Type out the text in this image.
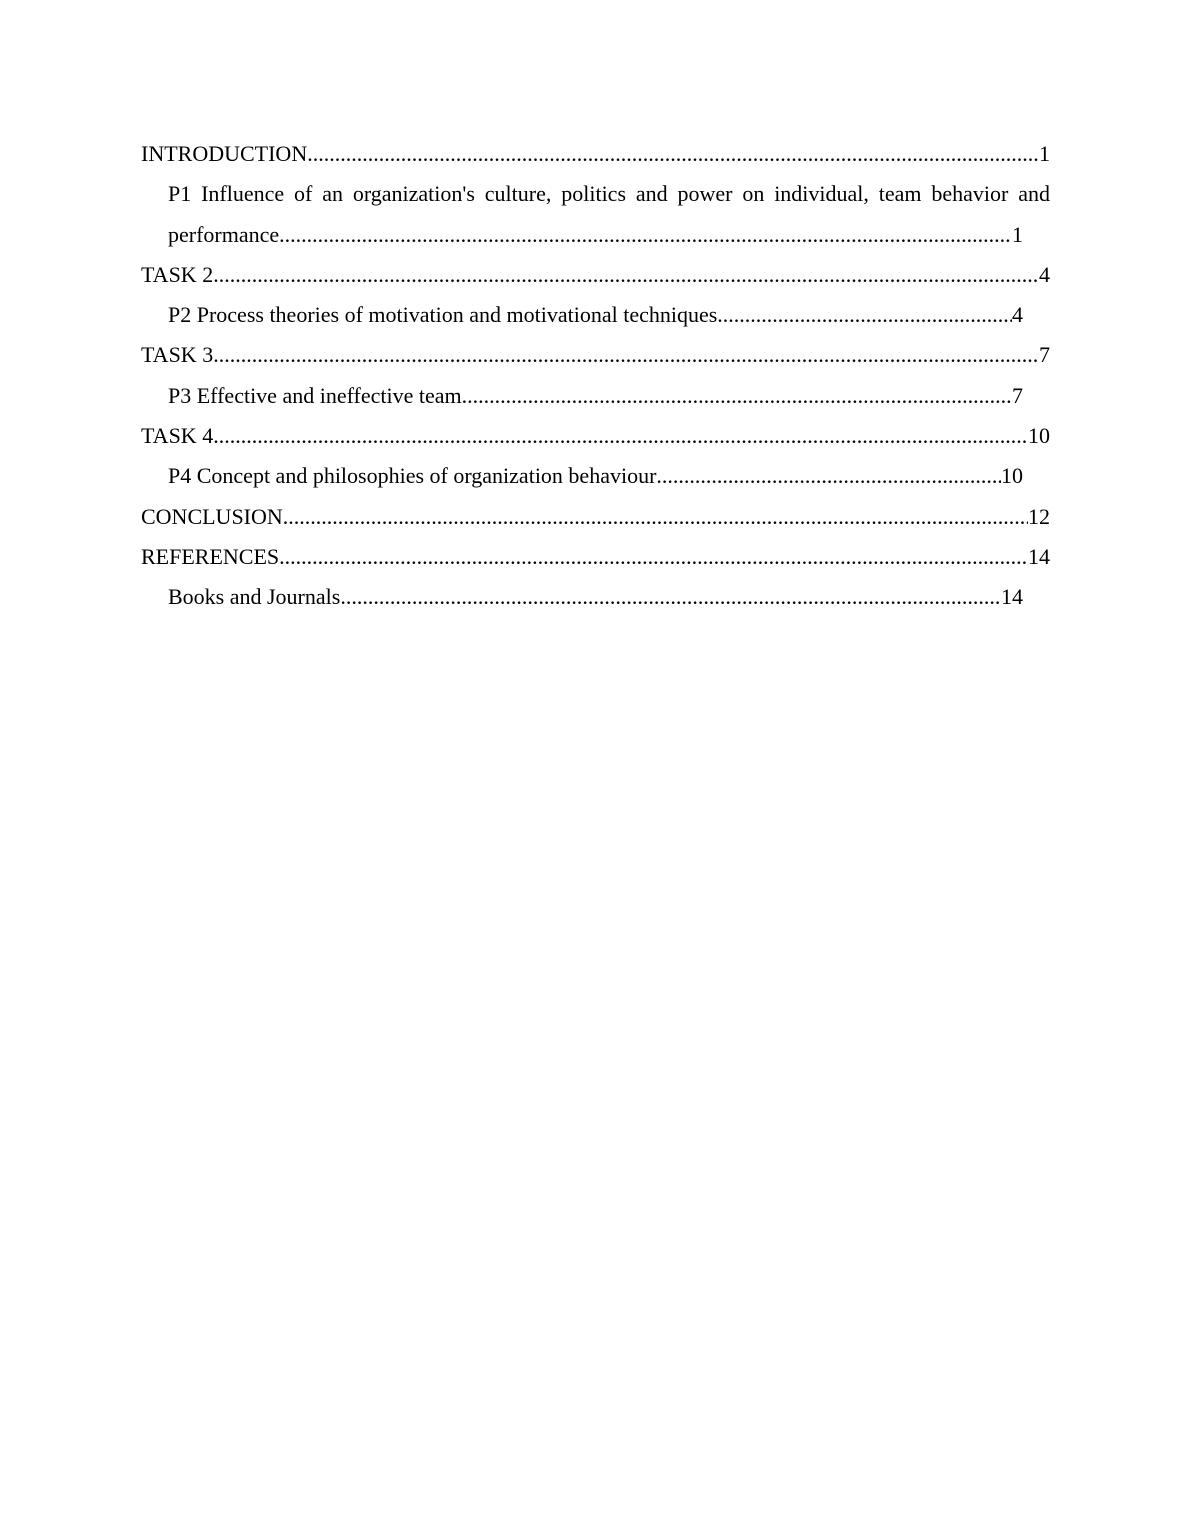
INTRODUCTION .....	1
P1 Influence of an organization's culture, politics and power on individual, team behavior and
performance .....	1
TASK 2 .....	4
P2 Process theories of motivation and motivational techniques .....	4
TASK 3 .....	7
P3 Effective and ineffective team .....	7
TASK 4 .....	10
P4 Concept and philosophies of organization behaviour .....	10
CONCLUSION .....	12
REFERENCES .....	14
Books and Journals .....	14
